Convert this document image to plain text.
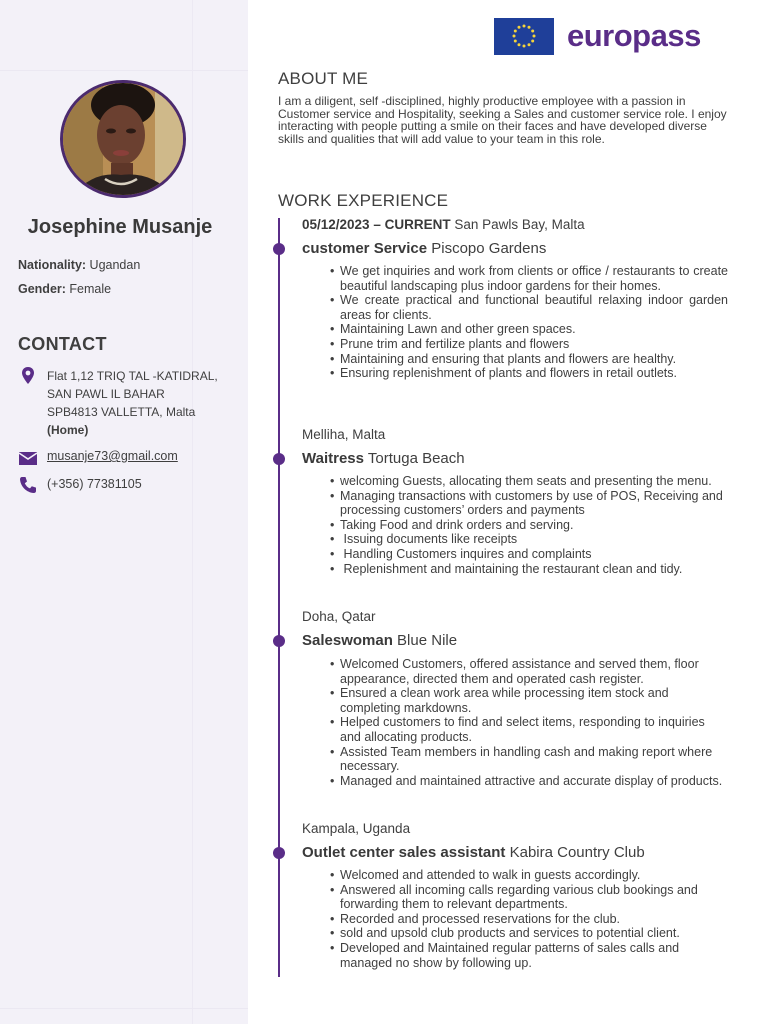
Josephine Musanje
Nationality: Ugandan
Gender: Female
CONTACT
Flat 1,12 TRIQ TAL -KATIDRAL,
SAN PAWL IL BAHAR
SPB4813 VALLETTA, Malta
(Home)
musanje73@gmail.com
(+356) 77381105
europass
ABOUT ME
I am a diligent, self -disciplined, highly productive employee with a passion in Customer service and Hospitality, seeking a Sales and customer service role. I enjoy interacting with people putting a smile on their faces and have developed diverse skills and qualities that will add value to your team in this role.
WORK EXPERIENCE
05/12/2023 – CURRENT San Pawls Bay, Malta
customer Service Piscopo Gardens
• We get inquiries and work from clients or office / restaurants to create beautiful landscaping plus indoor gardens for their homes.
• We create practical and functional beautiful relaxing indoor garden areas for clients.
• Maintaining Lawn and other green spaces.
• Prune trim and fertilize plants and flowers
• Maintaining and ensuring that plants and flowers are healthy.
• Ensuring replenishment of plants and flowers in retail outlets.
Melliha, Malta
Waitress Tortuga Beach
• welcoming Guests, allocating them seats and presenting the menu.
• Managing transactions with customers by use of POS, Receiving and processing customers’ orders and payments
• Taking Food and drink orders and serving.
• Issuing documents like receipts
• Handling Customers inquires and complaints
• Replenishment and maintaining the restaurant clean and tidy.
Doha, Qatar
Saleswoman Blue Nile
• Welcomed Customers, offered assistance and served them, floor appearance, directed them and operated cash register.
• Ensured a clean work area while processing item stock and completing markdowns.
• Helped customers to find and select items, responding to inquiries and allocating products.
• Assisted Team members in handling cash and making report where necessary.
• Managed and maintained attractive and accurate display of products.
Kampala, Uganda
Outlet center sales assistant Kabira Country Club
• Welcomed and attended to walk in guests accordingly.
• Answered all incoming calls regarding various club bookings and forwarding them to relevant departments.
• Recorded and processed reservations for the club.
• sold and upsold club products and services to potential client.
• Developed and Maintained regular patterns of sales calls and managed no show by following up.
